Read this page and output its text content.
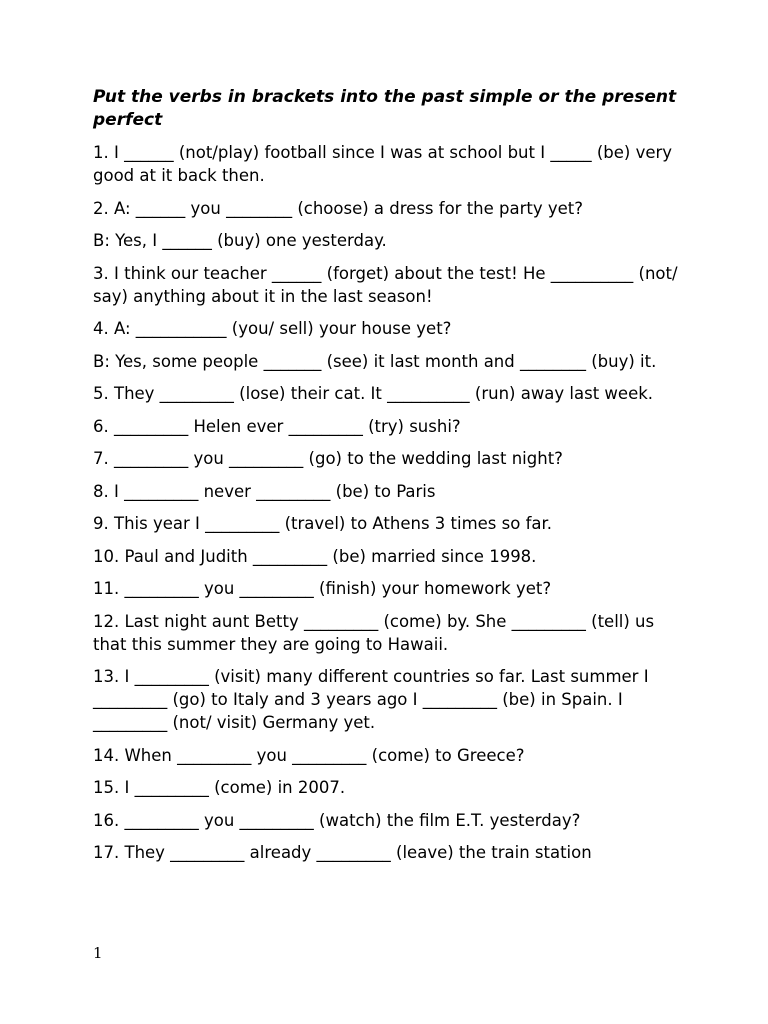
Put the verbs in brackets into the past simple or the present perfect

1. I ______ (not/play) football since I was at school but I _____ (be) very good at it back then.
2. A: ______ you ________ (choose) a dress for the party yet?
B: Yes, I ______ (buy) one yesterday.
3. I think our teacher ______ (forget) about the test! He __________ (not/ say) anything about it in the last season!
4. A: ___________ (you/ sell) your house yet?
B: Yes, some people _______ (see) it last month and ________ (buy) it.
5. They _________ (lose) their cat. It __________ (run) away last week.
6. _________ Helen ever _________ (try) sushi?
7. _________ you _________ (go) to the wedding last night?
8. I _________ never _________ (be) to Paris
9. This year I _________ (travel) to Athens 3 times so far.
10. Paul and Judith _________ (be) married since 1998.
11. _________ you _________ (finish) your homework yet?
12. Last night aunt Betty _________ (come) by. She _________ (tell) us that this summer they are going to Hawaii.
13. I _________ (visit) many different countries so far. Last summer I _________ (go) to Italy and 3 years ago I _________ (be) in Spain. I _________ (not/ visit) Germany yet.
14. When _________ you _________ (come) to Greece?
15. I _________ (come) in 2007.
16. _________ you _________ (watch) the film E.T. yesterday?
17. They _________ already _________ (leave) the train station
1
